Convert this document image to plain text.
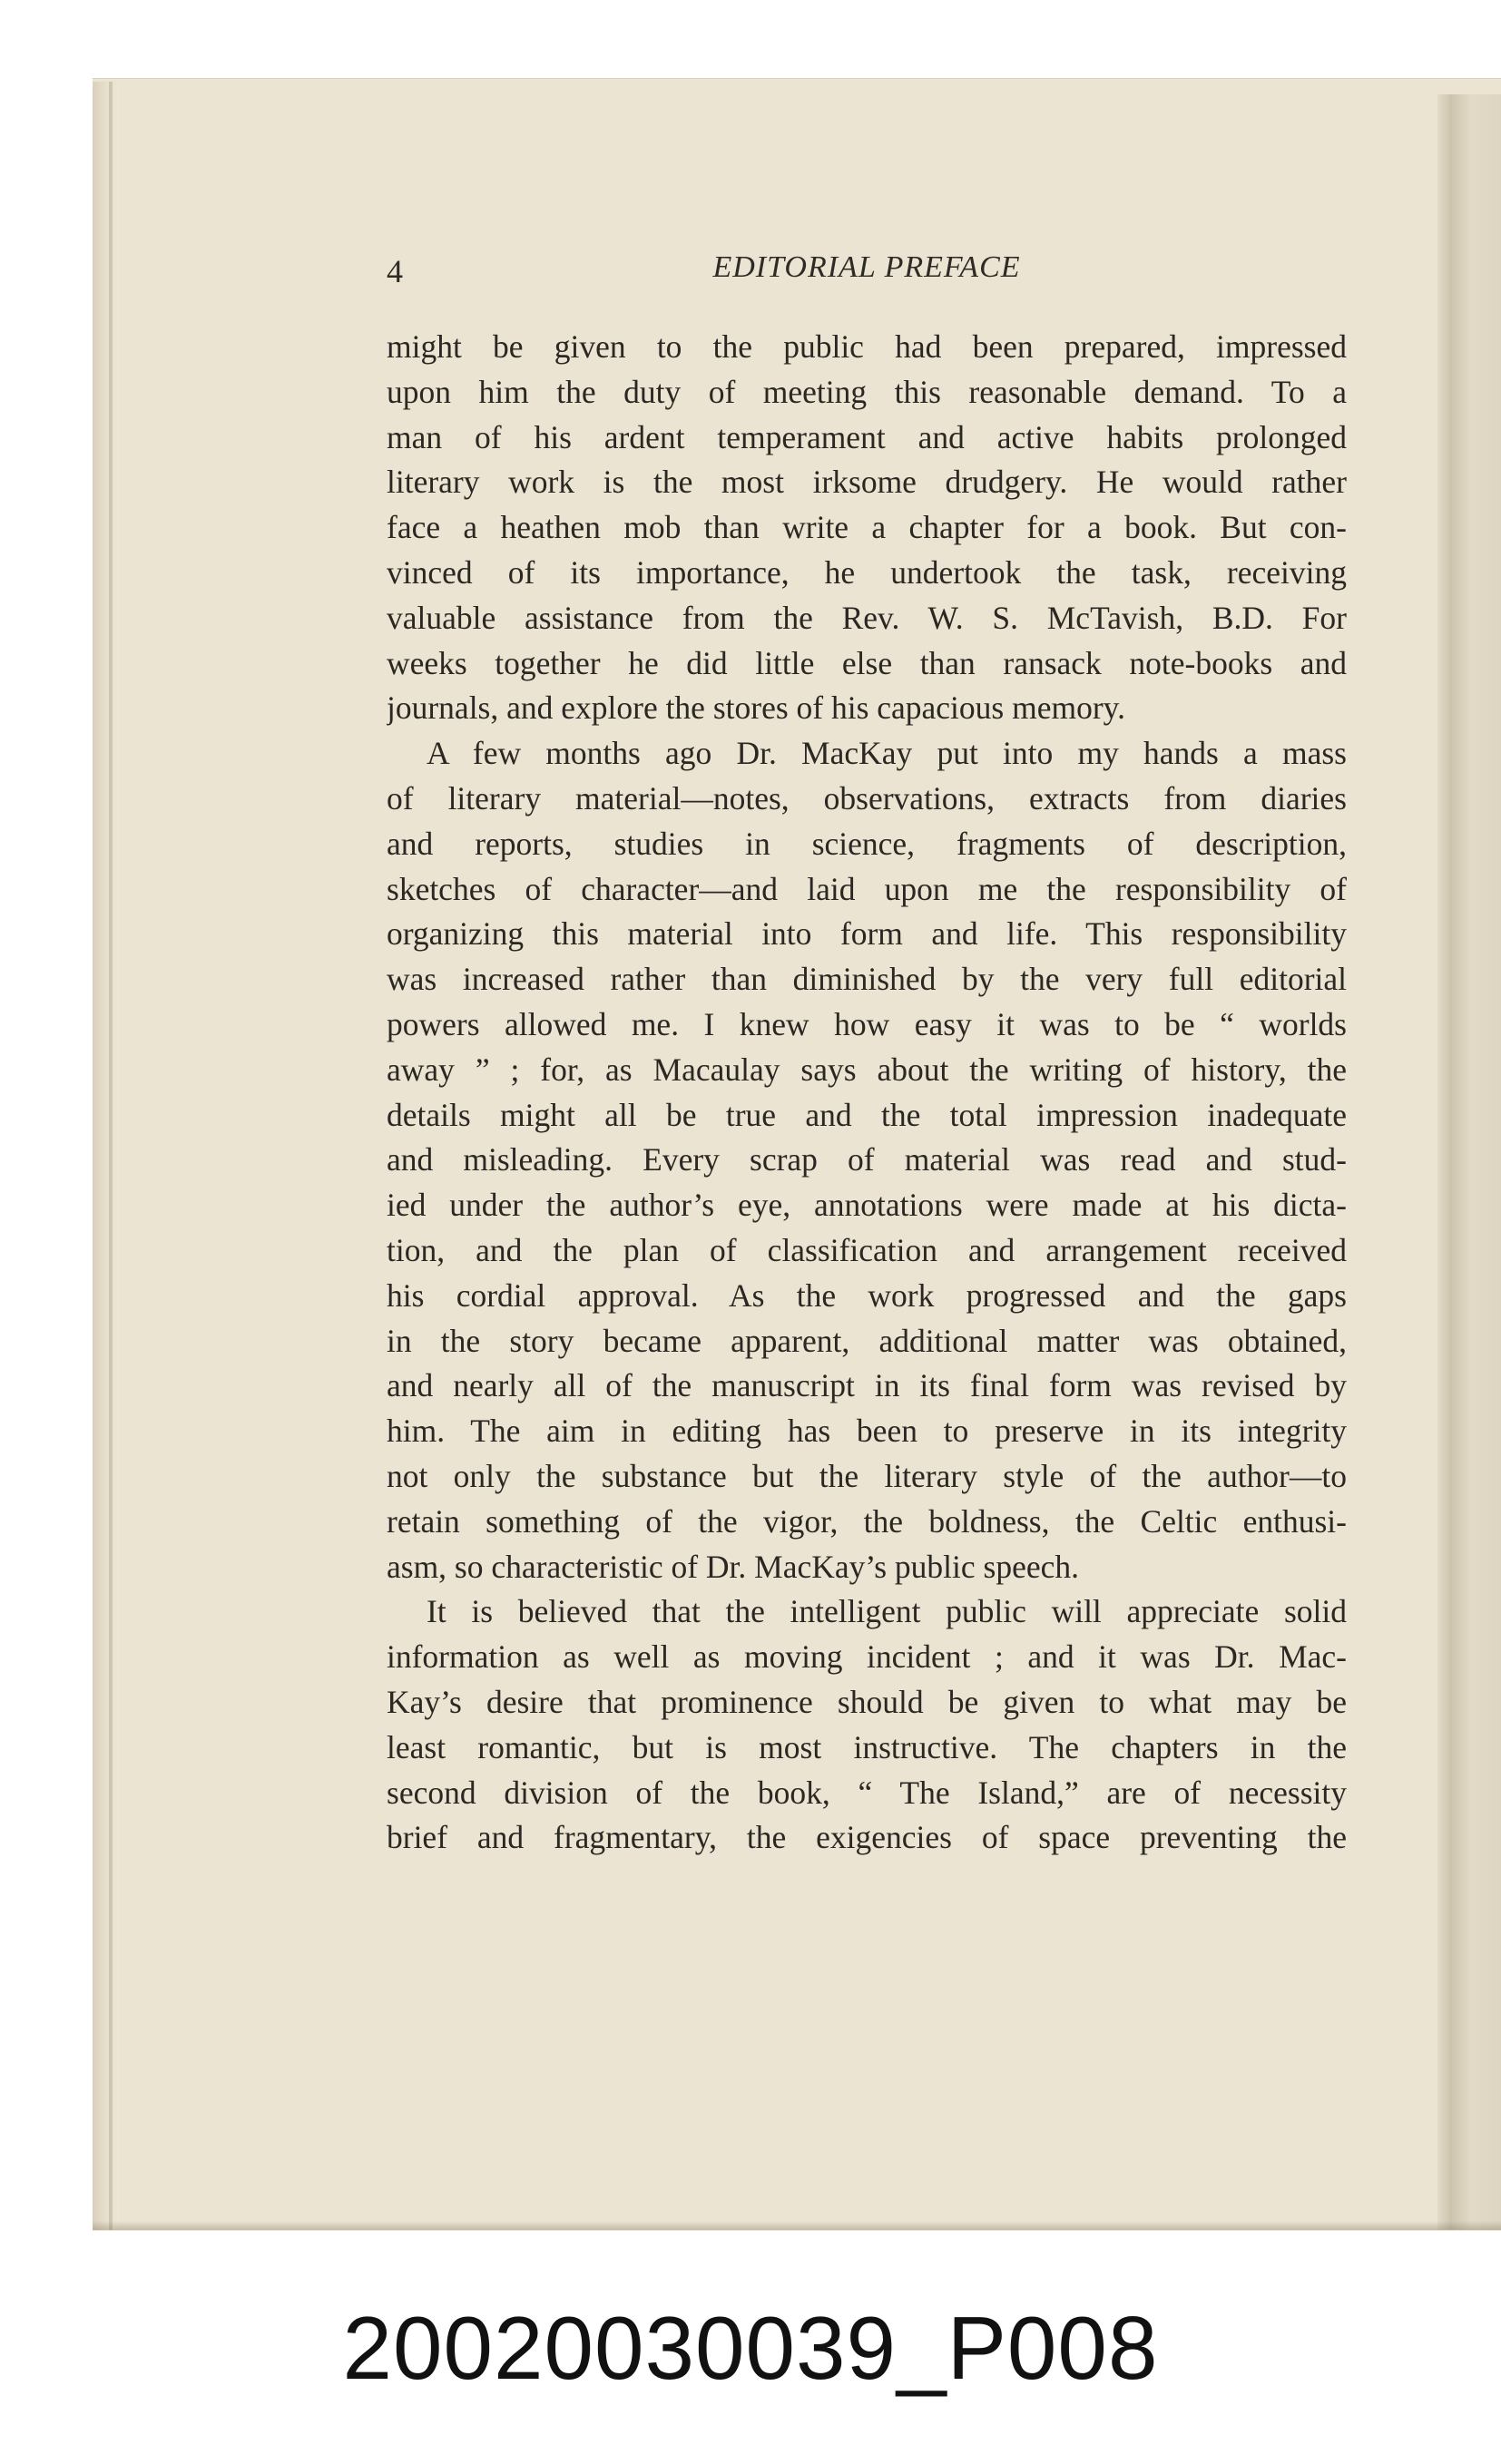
4	EDITORIAL PREFACE
might be given to the public had been prepared, impressed
upon him the duty of meeting this reasonable demand. To a
man of his ardent temperament and active habits prolonged
literary work is the most irksome drudgery. He would rather
face a heathen mob than write a chapter for a book. But con-
vinced of its importance, he undertook the task, receiving
valuable assistance from the Rev. W. S. McTavish, B.D. For
weeks together he did little else than ransack note-books and
journals, and explore the stores of his capacious memory.
A few months ago Dr. MacKay put into my hands a mass
of literary material—notes, observations, extracts from diaries
and reports, studies in science, fragments of description,
sketches of character—and laid upon me the responsibility of
organizing this material into form and life. This responsibility
was increased rather than diminished by the very full editorial
powers allowed me. I knew how easy it was to be “ worlds
away ” ; for, as Macaulay says about the writing of history, the
details might all be true and the total impression inadequate
and misleading. Every scrap of material was read and stud-
ied under the author’s eye, annotations were made at his dicta-
tion, and the plan of classification and arrangement received
his cordial approval. As the work progressed and the gaps
in the story became apparent, additional matter was obtained,
and nearly all of the manuscript in its final form was revised by
him. The aim in editing has been to preserve in its integrity
not only the substance but the literary style of the author—to
retain something of the vigor, the boldness, the Celtic enthusi-
asm, so characteristic of Dr. MacKay’s public speech.
It is believed that the intelligent public will appreciate solid
information as well as moving incident ; and it was Dr. Mac-
Kay’s desire that prominence should be given to what may be
least romantic, but is most instructive. The chapters in the
second division of the book, “ The Island,” are of necessity
brief and fragmentary, the exigencies of space preventing the
20020030039_P008
